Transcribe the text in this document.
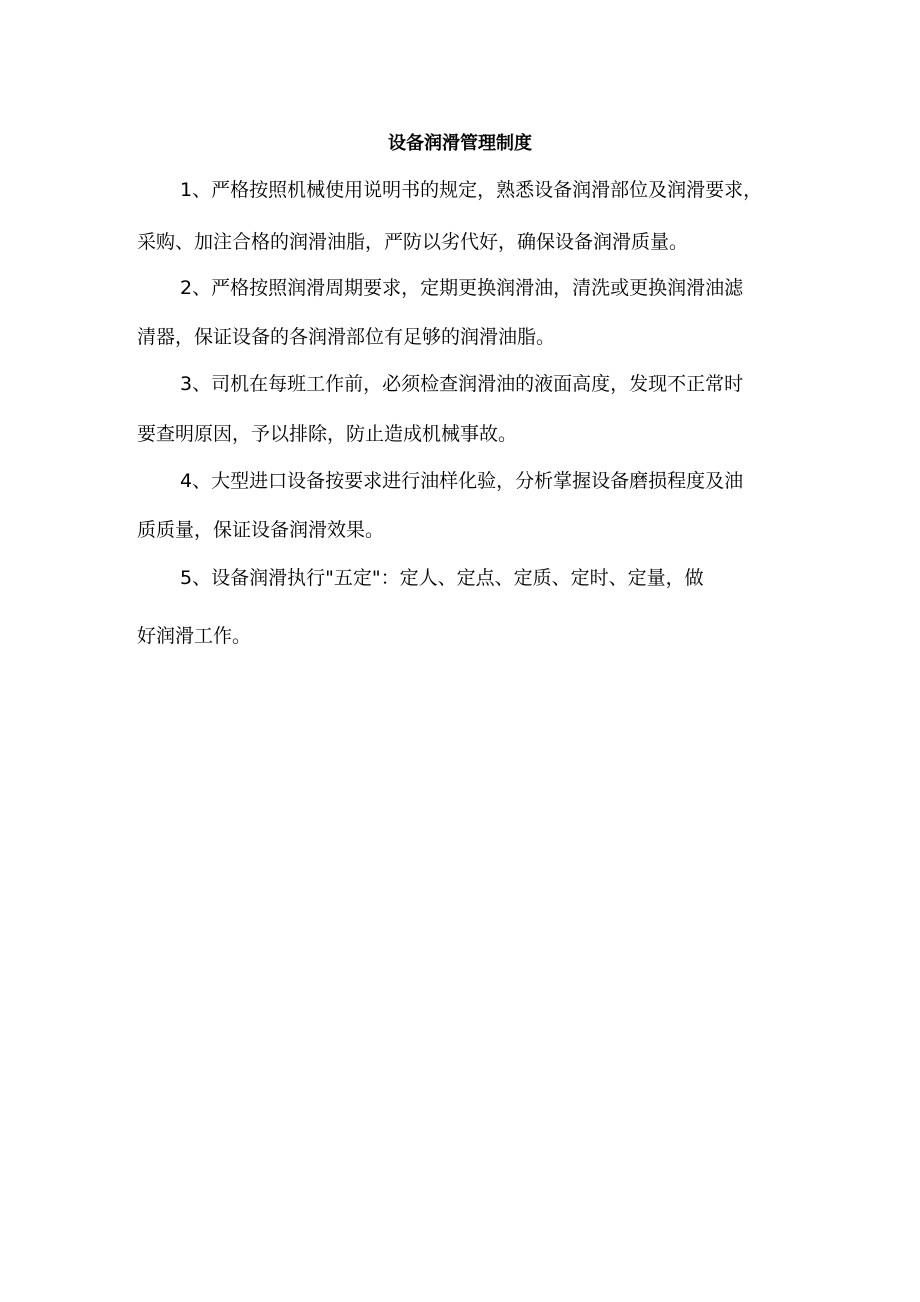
设备润滑管理制度

1、严格按照机械使用说明书的规定，熟悉设备润滑部位及润滑要求，

采购、加注合格的润滑油脂，严防以劣代好，确保设备润滑质量。

2、严格按照润滑周期要求，定期更换润滑油，清洗或更换润滑油滤

清器，保证设备的各润滑部位有足够的润滑油脂。

3、司机在每班工作前，必须检查润滑油的液面高度，发现不正常时

要查明原因，予以排除，防止造成机械事故。

4、大型进口设备按要求进行油样化验，分析掌握设备磨损程度及油

质质量，保证设备润滑效果。

5、设备润滑执行"五定"：定人、定点、定质、定时、定量，做

好润滑工作。
